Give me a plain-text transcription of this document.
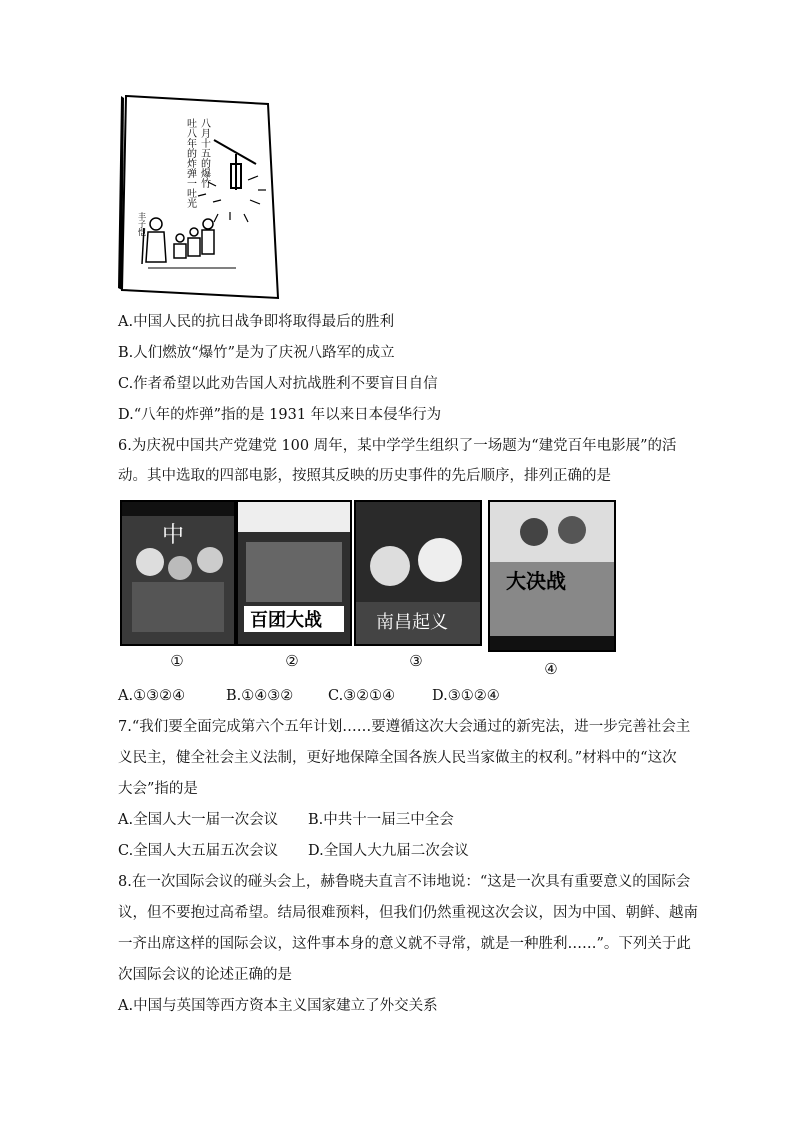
八月十五的爆竹
吐八年的炸弹一吐光
丰子恺
A.中国人民的抗日战争即将取得最后的胜利
B.人们燃放“爆竹”是为了庆祝八路军的成立
C.作者希望以此劝告国人对抗战胜利不要盲目自信
D.“八年的炸弹”指的是 1931 年以来日本侵华行为
6.为庆祝中国共产党建党 100 周年，某中学学生组织了一场题为“建党百年电影展”的活
动。其中选取的四部电影，按照其反映的历史事件的先后顺序，排列正确的是
中
百团大战	南昌起义
大决战
①	②	③	④
A.①③②④	B.①④③② C.③②①④	D.③①②④
7.“我们要全面完成第六个五年计划……要遵循这次大会通过的新宪法，进一步完善社会主
义民主，健全社会主义法制，更好地保障全国各族人民当家做主的权利。”材料中的“这次
大会”指的是
A.全国人大一届一次会议 B.中共十一届三中全会
C.全国人大五届五次会议 D.全国人大九届二次会议
8.在一次国际会议的碰头会上，赫鲁晓夫直言不讳地说：“这是一次具有重要意义的国际会
议，但不要抱过高希望。结局很难预料，但我们仍然重视这次会议，因为中国、朝鲜、越南
一齐出席这样的国际会议，这件事本身的意义就不寻常，就是一种胜利……”。下列关于此
次国际会议的论述正确的是
A.中国与英国等西方资本主义国家建立了外交关系
